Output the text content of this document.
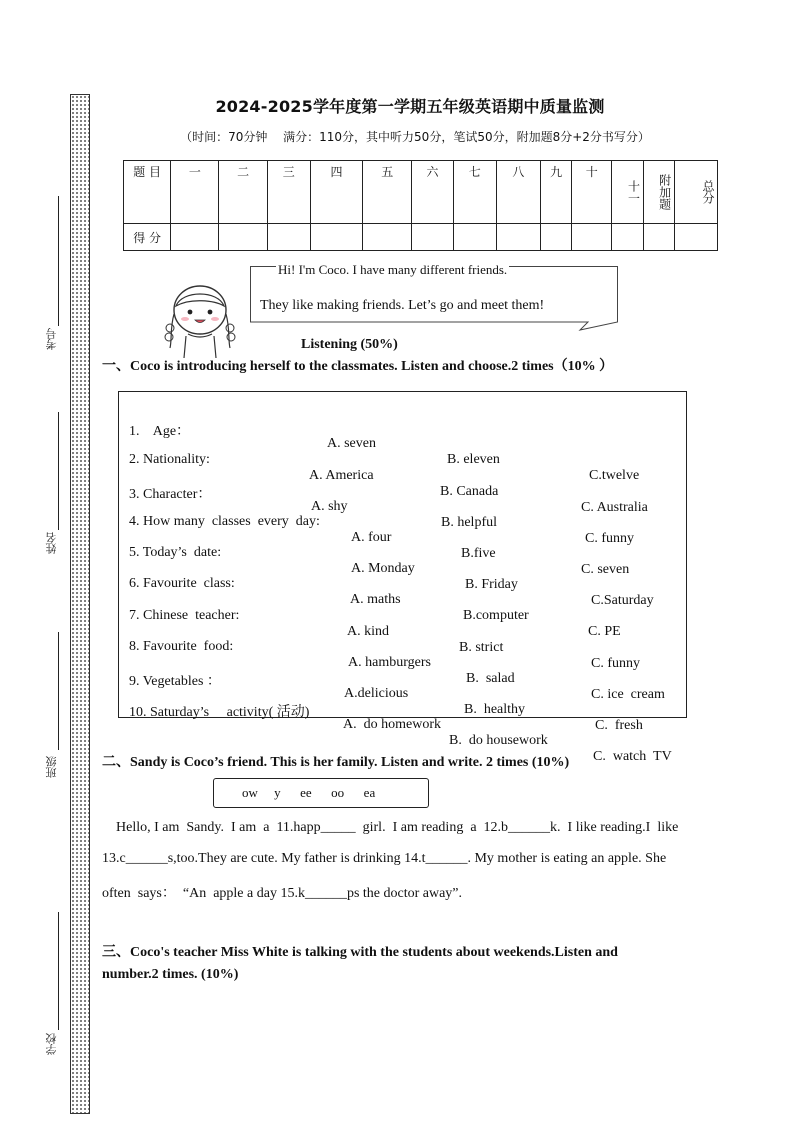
考号
姓名
班级
学校
2024-2025学年度第一学期五年级英语期中质量监测
（时间：70分钟　 满分：110分，其中听力50分，笔试50分，附加题8分+2分书写分）
题 目	一	二	三	四	五	六	七	八	九	十	十一	附加题	总分
得 分													
Hi! I'm Coco. I have many different friends.
They like making friends. Let’s go and meet them!
Listening (50%)
一、Coco is introducing herself to the classmates. Listen and choose.2 times（10% ）

1.    Age：

A. seven

B. eleven

C.twelve

2. Nationality:

A. America

B. Canada

C. Australia

3. Character：

A. shy

B. helpful

C. funny

4. How many  classes  every  day:

A. four

B.five

C. seven

5. Today’s  date:

A. Monday

B. Friday

C.Saturday

6. Favourite  class:

A. maths

B.computer

C. PE

7. Chinese  teacher:

A. kind

B. strict

C. funny

8. Favourite  food:

A. hamburgers

B.  salad

C. ice  cream

9. Vegetables ：

A.delicious

B.  healthy

C.  fresh

10. Saturday’s     activity( 活动)

A.  do homework

B.  do housework

C.  watch  TV

二、Sandy is Coco’s friend. This is her family. Listen and write. 2 times (10%)
ow     y      ee      oo      ea
Hello, I am  Sandy.  I am  a  11.happ_____  girl.  I am reading  a  12.b______k.  I like reading.I  like
13.c______s,too.They are cute. My father is drinking 14.t______. My mother is eating an apple. She
often  says：  “An  apple a day 15.k______ps the doctor away”.
三、Coco's teacher Miss White is talking with the students about weekends.Listen and
number.2 times. (10%)
